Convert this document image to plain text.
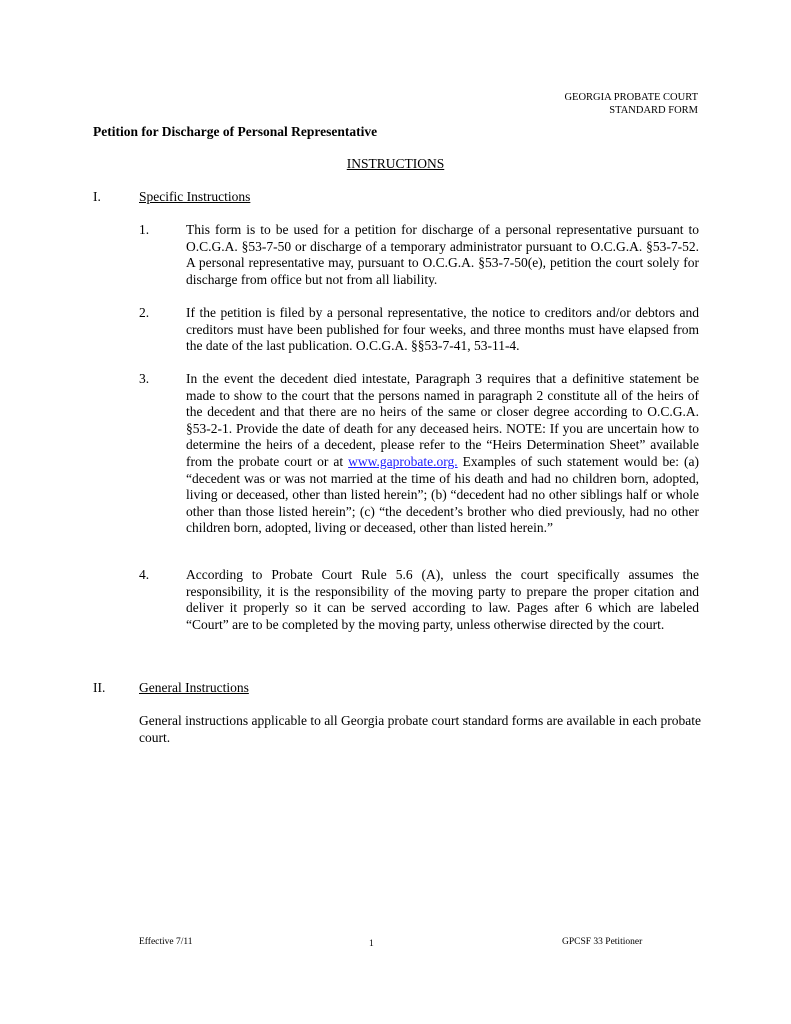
GEORGIA PROBATE COURT
STANDARD FORM
Petition for Discharge of Personal Representative
INSTRUCTIONS
I.	Specific Instructions
1.	This form is to be used for a petition for discharge of a personal representative pursuant to O.C.G.A. §53-7-50 or discharge of a temporary administrator pursuant to O.C.G.A. §53-7-52. A personal representative may, pursuant to O.C.G.A. §53-7-50(e), petition the court solely for discharge from office but not from all liability.
2.	If the petition is filed by a personal representative, the notice to creditors and/or debtors and creditors must have been published for four weeks, and three months must have elapsed from the date of the last publication. O.C.G.A. §§53-7-41, 53-11-4.
3.	In the event the decedent died intestate, Paragraph 3 requires that a definitive statement be made to show to the court that the persons named in paragraph 2 constitute all of the heirs of the decedent and that there are no heirs of the same or closer degree according to O.C.G.A. §53-2-1. Provide the date of death for any deceased heirs. NOTE: If you are uncertain how to determine the heirs of a decedent, please refer to the “Heirs Determination Sheet” available from the probate court or at www.gaprobate.org. Examples of such statement would be: (a) “decedent was or was not married at the time of his death and had no children born, adopted, living or deceased, other than listed herein”; (b) “decedent had no other siblings half or whole other than those listed herein”; (c) “the decedent’s brother who died previously, had no other children born, adopted, living or deceased, other than listed herein.”
4.	According to Probate Court Rule 5.6 (A), unless the court specifically assumes the responsibility, it is the responsibility of the moving party to prepare the proper citation and deliver it properly so it can be served according to law. Pages after 6 which are labeled “Court” are to be completed by the moving party, unless otherwise directed by the court.
II. General Instructions
General instructions applicable to all Georgia probate court standard forms are available in each probate court.
Effective 7/11	1	GPCSF 33 Petitioner
